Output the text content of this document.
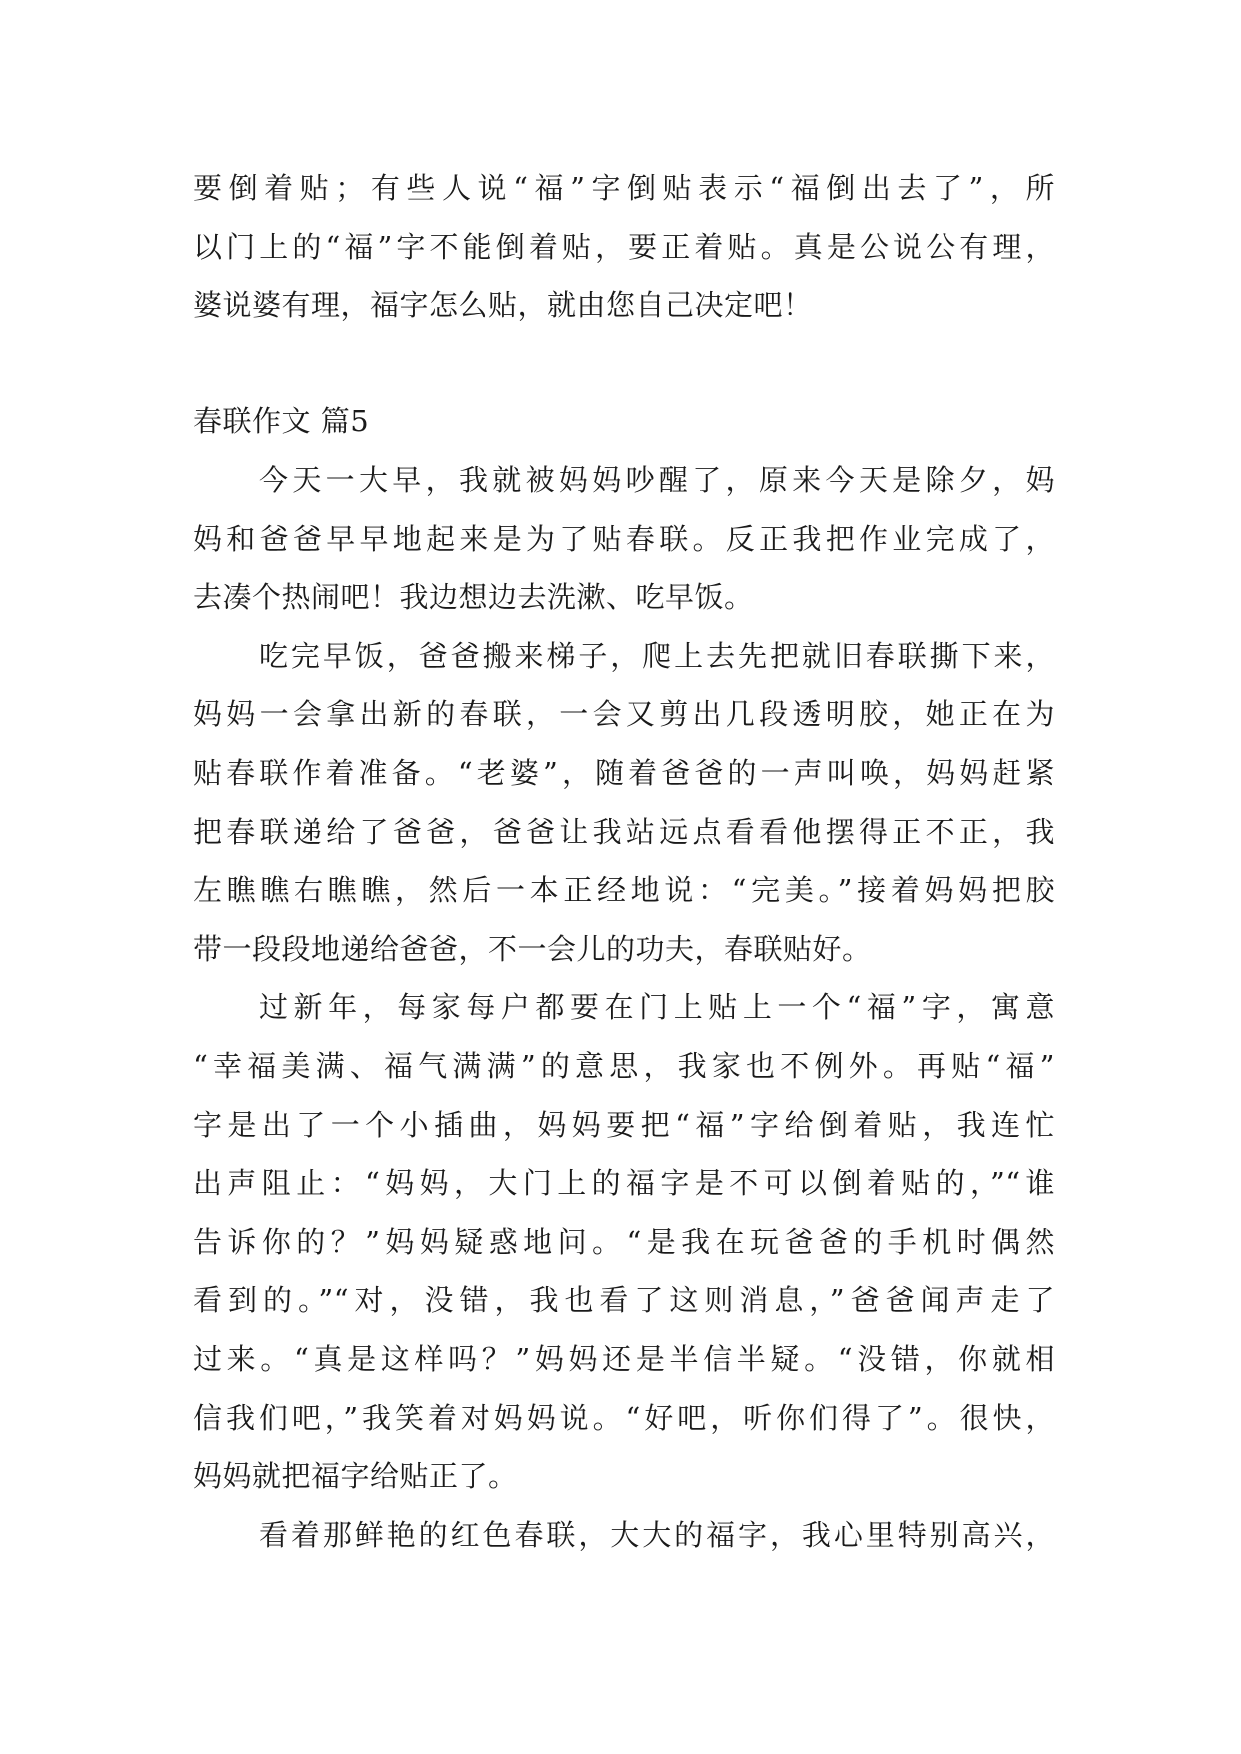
要倒着贴；有些人说“福”字倒贴表示“福倒出去了”，所
以门上的“福”字不能倒着贴，要正着贴。真是公说公有理，
婆说婆有理，福字怎么贴，就由您自己决定吧！
春联作文 篇5
今天一大早，我就被妈妈吵醒了，原来今天是除夕，妈
妈和爸爸早早地起来是为了贴春联。反正我把作业完成了，
去凑个热闹吧！我边想边去洗漱、吃早饭。
吃完早饭，爸爸搬来梯子，爬上去先把就旧春联撕下来，
妈妈一会拿出新的春联，一会又剪出几段透明胶，她正在为
贴春联作着准备。“老婆”，随着爸爸的一声叫唤，妈妈赶紧
把春联递给了爸爸，爸爸让我站远点看看他摆得正不正，我
左瞧瞧右瞧瞧，然后一本正经地说：“完美。”接着妈妈把胶
带一段段地递给爸爸，不一会儿的功夫，春联贴好。
过新年，每家每户都要在门上贴上一个“福”字，寓意
“幸福美满、福气满满”的意思，我家也不例外。再贴“福”
字是出了一个小插曲，妈妈要把“福”字给倒着贴，我连忙
出声阻止：“妈妈，大门上的福字是不可以倒着贴的，”“谁
告诉你的？”妈妈疑惑地问。“是我在玩爸爸的手机时偶然
看到的。”“对，没错，我也看了这则消息，”爸爸闻声走了
过来。“真是这样吗？”妈妈还是半信半疑。“没错，你就相
信我们吧，”我笑着对妈妈说。“好吧，听你们得了”。很快，
妈妈就把福字给贴正了。
看着那鲜艳的红色春联，大大的福字，我心里特别高兴，
